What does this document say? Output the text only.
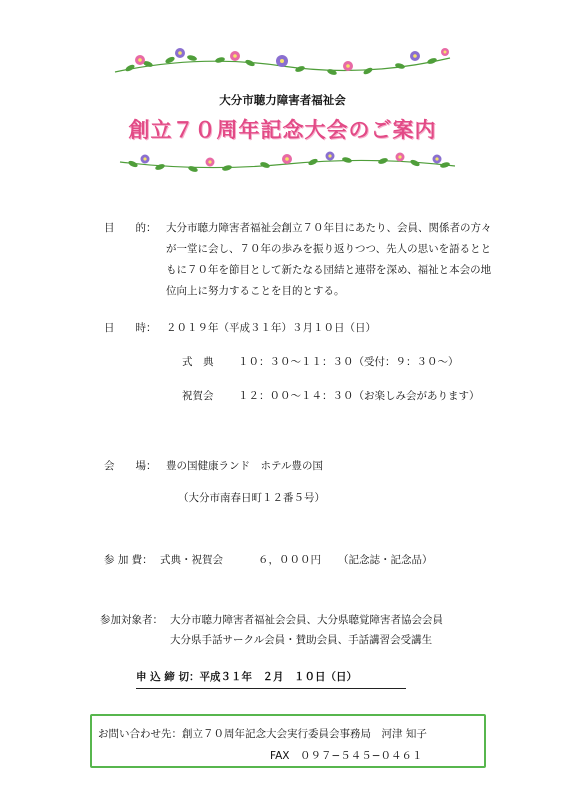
大分市聴力障害者福祉会
創立７０周年記念大会のご案内
目　　的： 大分市聴力障害者福祉会創立７０年目にあたり、会員、関係者の方々が一堂に会し、７０年の歩みを振り返りつつ、先人の思いを語るとともに７０年を節目として新たなる団結と連帯を深め、福祉と本会の地位向上に努力することを目的とする。
日　　時： ２０１９年（平成３１年）３月１０日（日）
式　典 １０：３０〜１１：３０（受付：９：３０〜）
祝賀会 １２：００〜１４：３０（お楽しみ会があります）
会　　場： 豊の国健康ランド　ホテル豊の国
（大分市南春日町１２番５号）
参 加 費： 式典・祝賀会	６，０００円 （記念誌・記念品）
参加対象者： 大分市聴力障害者福祉会会員、大分県聴覚障害者協会会員
大分県手話サークル会員・賛助会員、手話講習会受講生
申 込 締 切：平成３１年　２月　１０日（日）
お問い合わせ先：創立７０周年記念大会実行委員会事務局　河津 知子
FAX　０９７−５４５−０４６１
